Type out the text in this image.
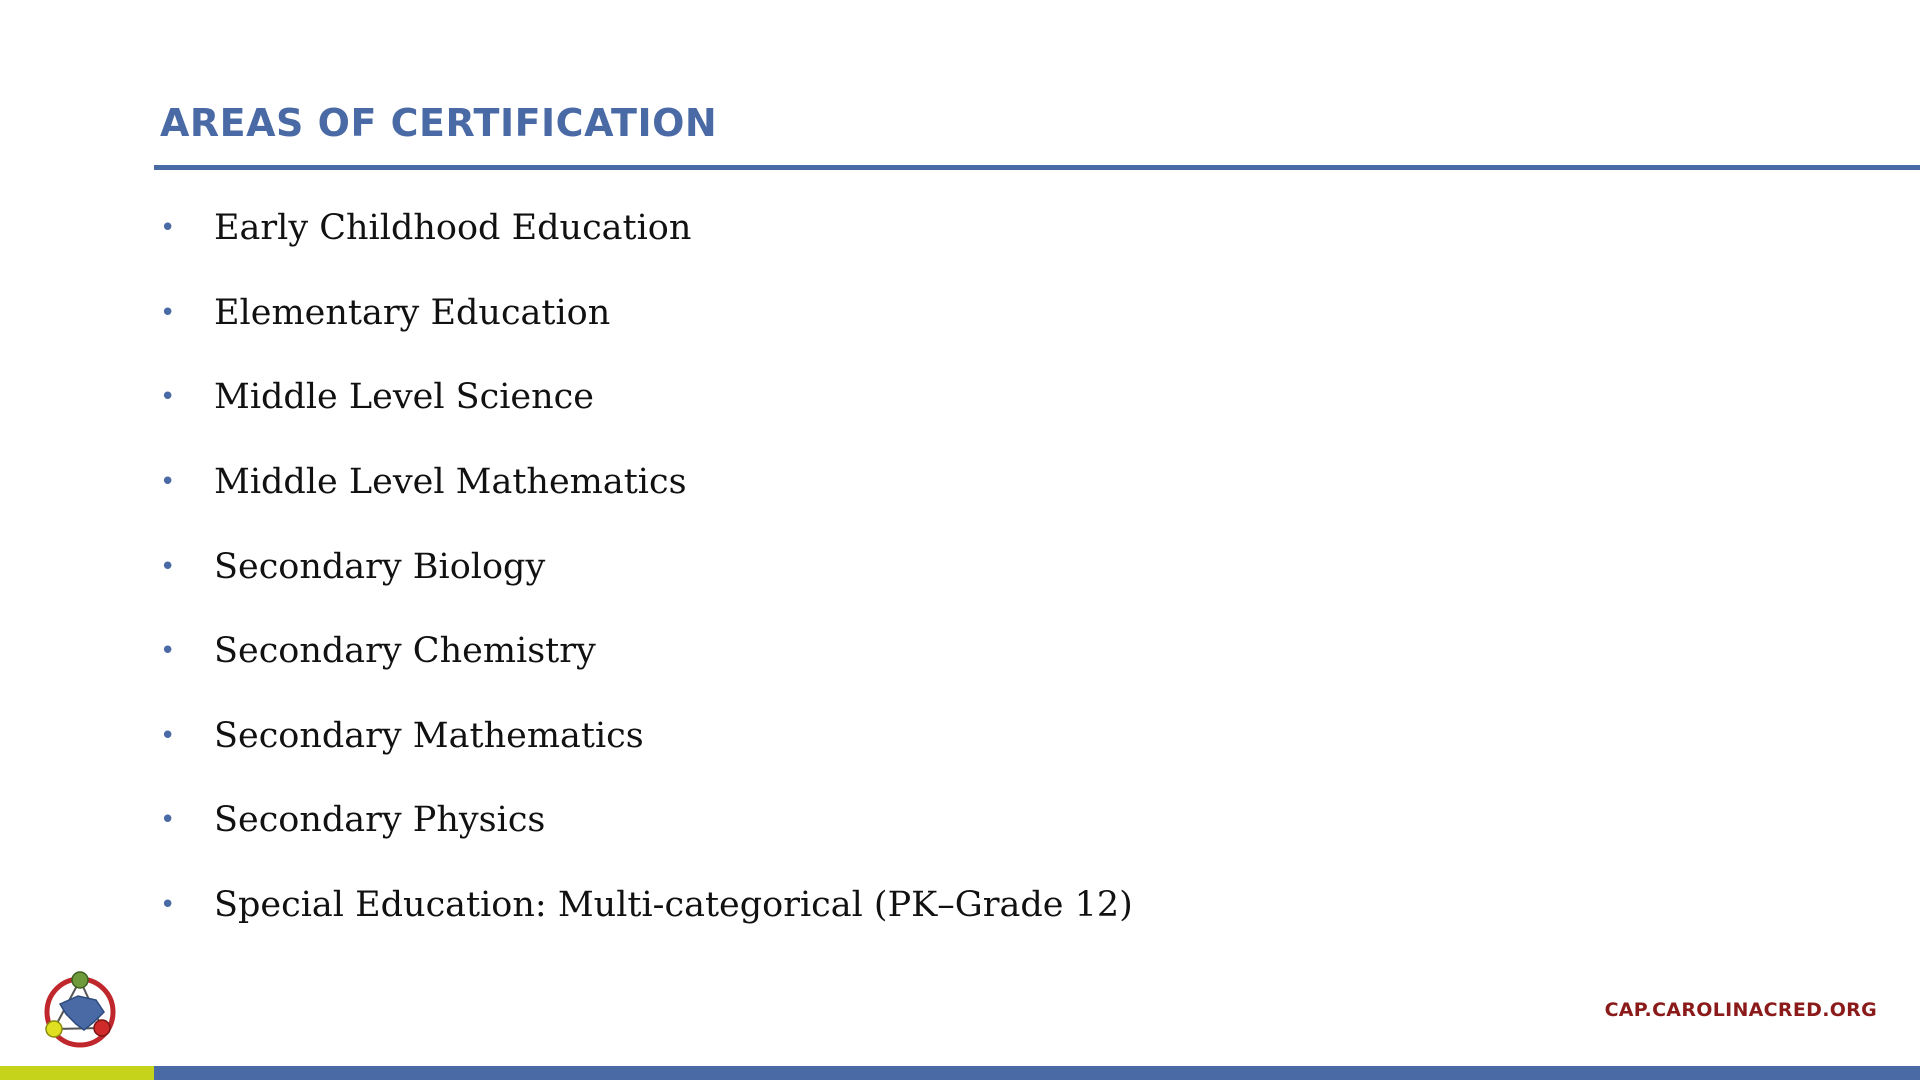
AREAS OF CERTIFICATION
•	Early Childhood Education
•	Elementary Education
•	Middle Level Science
•	Middle Level Mathematics
•	Secondary Biology
•	Secondary Chemistry
•	Secondary Mathematics
•	Secondary Physics
•	Special Education: Multi-categorical (PK–Grade 12)
CAP.CAROLINACRED.ORG
